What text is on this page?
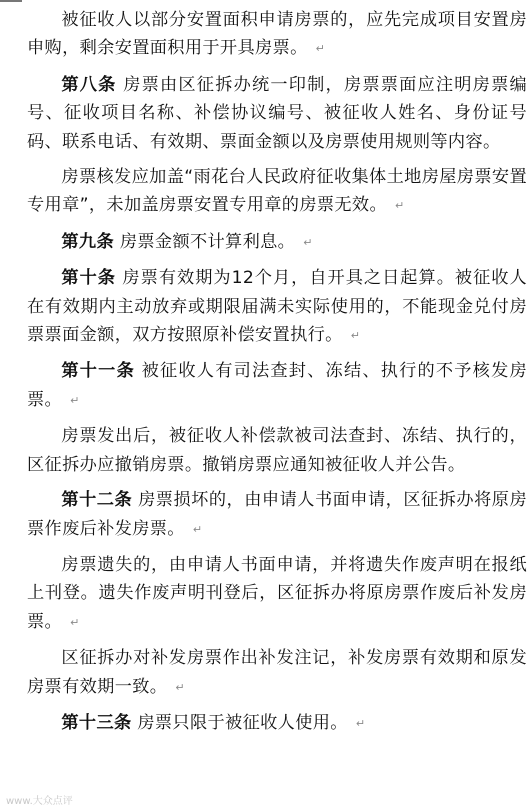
被征收人以部分安置面积申请房票的，应先完成项目安置房申购，剩余安置面积用于开具房票。 ↵

第八条 房票由区征拆办统一印制，房票票面应注明房票编号、征收项目名称、补偿协议编号、被征收人姓名、身份证号码、联系电话、有效期、票面金额以及房票使用规则等内容。

房票核发应加盖“雨花台人民政府征收集体土地房屋房票安置专用章”，未加盖房票安置专用章的房票无效。 ↵

第九条 房票金额不计算利息。 ↵

第十条 房票有效期为12个月，自开具之日起算。被征收人在有效期内主动放弃或期限届满未实际使用的，不能现金兑付房票票面金额，双方按照原补偿安置执行。 ↵

第十一条 被征收人有司法查封、冻结、执行的不予核发房票。 ↵

房票发出后，被征收人补偿款被司法查封、冻结、执行的，区征拆办应撤销房票。撤销房票应通知被征收人并公告。

第十二条 房票损坏的，由申请人书面申请，区征拆办将原房票作废后补发房票。 ↵

房票遗失的，由申请人书面申请，并将遗失作废声明在报纸上刊登。遗失作废声明刊登后，区征拆办将原房票作废后补发房票。 ↵

区征拆办对补发房票作出补发注记，补发房票有效期和原发房票有效期一致。 ↵

第十三条 房票只限于被征收人使用。 ↵

www.大众点评
